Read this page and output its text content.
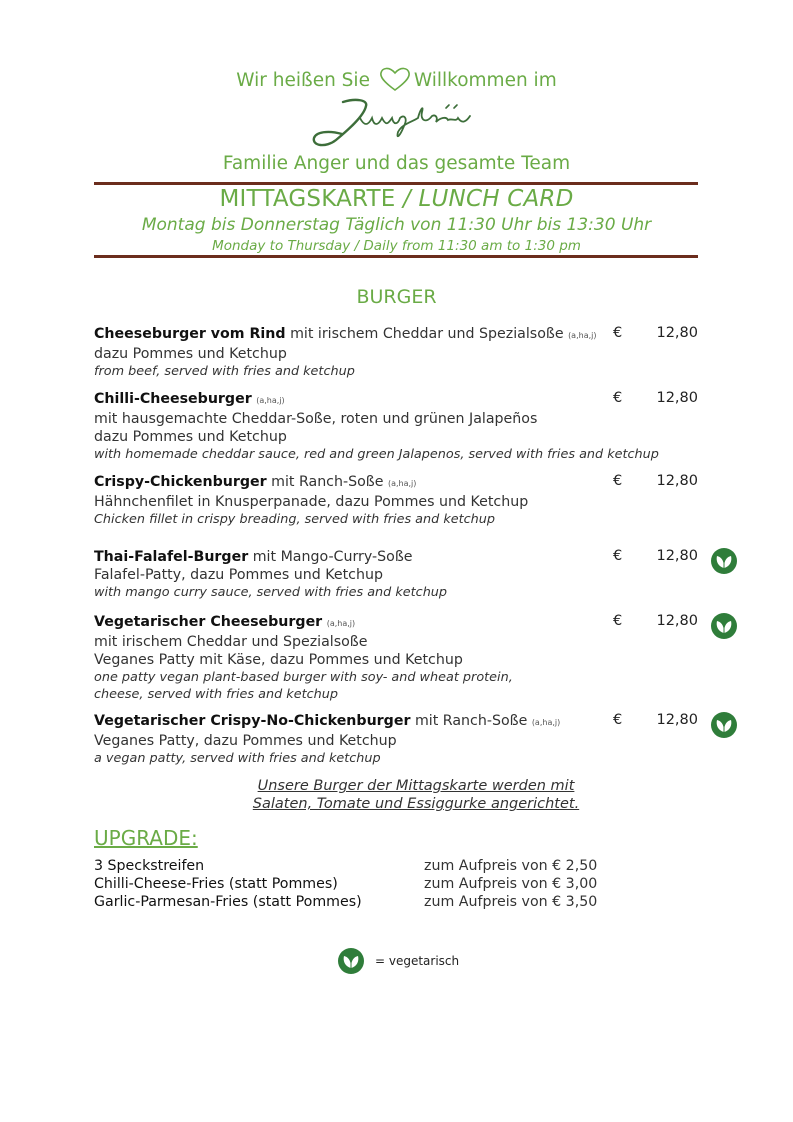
Wir heißen Sie Willkommen im
Familie Anger und das gesamte Team
MITTAGSKARTE / LUNCH CARD
Montag bis Donnerstag Täglich von 11:30 Uhr bis 13:30 Uhr
Monday to Thursday / Daily from 11:30 am to 1:30 pm
BURGER
Cheeseburger vom Rind mit irischem Cheddar und Spezialsoße (a,ha,j)
dazu Pommes und Ketchup
from beef, served with fries and ketchup
€	12,80
Chilli-Cheeseburger (a,ha,j)
mit hausgemachte Cheddar-Soße, roten und grünen Jalapeños
dazu Pommes und Ketchup
with homemade cheddar sauce, red and green Jalapenos, served with fries and ketchup
€	12,80
Crispy-Chickenburger mit Ranch-Soße (a,ha,j)
Hähnchenfilet in Knusperpanade, dazu Pommes und Ketchup
Chicken fillet in crispy breading, served with fries and ketchup
€	12,80
Thai-Falafel-Burger mit Mango-Curry-Soße
Falafel-Patty, dazu Pommes und Ketchup
with mango curry sauce, served with fries and ketchup
€	12,80
Vegetarischer Cheeseburger (a,ha,j)
mit irischem Cheddar und Spezialsoße
Veganes Patty mit Käse, dazu Pommes und Ketchup
one patty vegan plant-based burger with soy- and wheat protein,
cheese, served with fries and ketchup
€	12,80
Vegetarischer Crispy-No-Chickenburger mit Ranch-Soße (a,ha,j)
Veganes Patty, dazu Pommes und Ketchup
a vegan patty, served with fries and ketchup
€	12,80
Unsere Burger der Mittagskarte werden mit
Salaten, Tomate und Essiggurke angerichtet.
UPGRADE:
3 Speckstreifen	zum Aufpreis von € 2,50
Chilli-Cheese-Fries (statt Pommes)	zum Aufpreis von € 3,00
Garlic-Parmesan-Fries (statt Pommes)	zum Aufpreis von € 3,50
= vegetarisch
